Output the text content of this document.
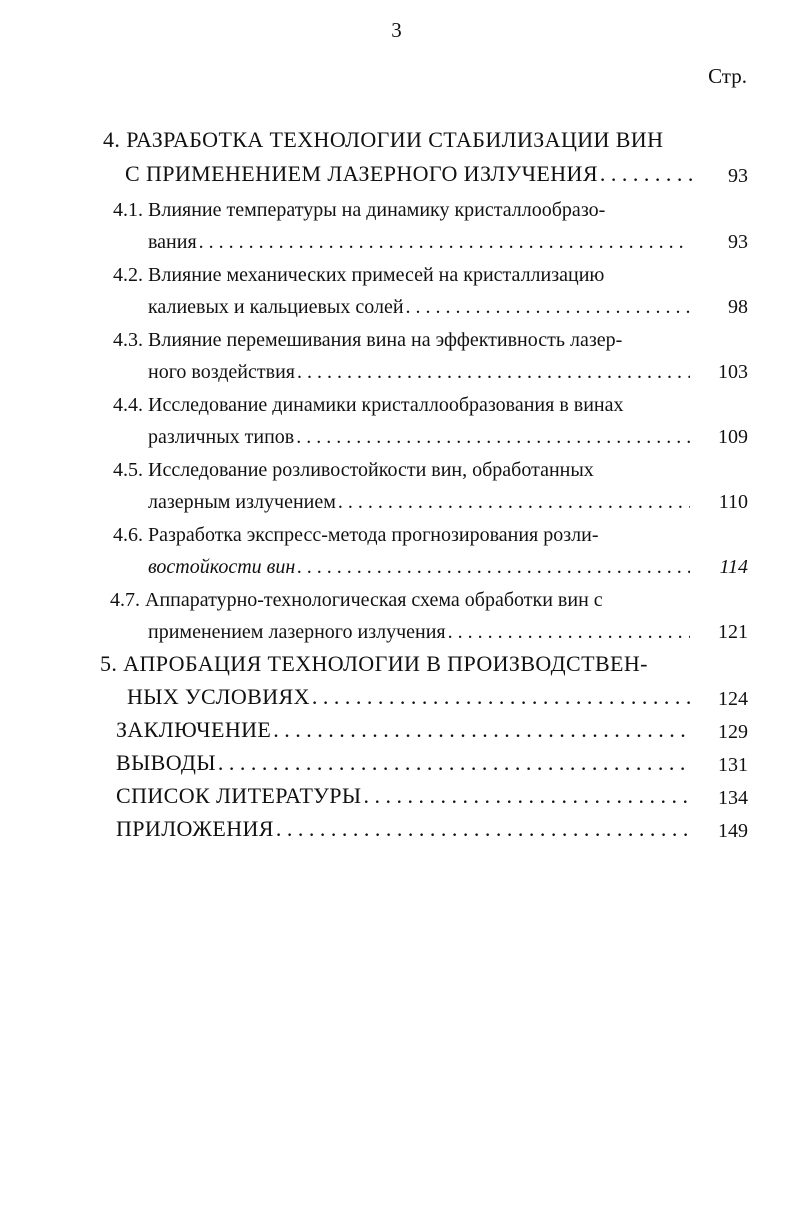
3
Стр.
4. РАЗРАБОТКА ТЕХНОЛОГИИ СТАБИЛИЗАЦИИ ВИН
С ПРИМЕНЕНИЕМ ЛАЗЕРНОГО ИЗЛУЧЕНИЯ . . .	93
4.1. Влияние температуры на динамику кристаллообразо-
вания . . .	93
4.2. Влияние механических примесей на кристаллизацию
калиевых и кальциевых солей . . .	98
4.3. Влияние перемешивания вина на эффективность лазер-
ного воздействия . . .	103
4.4. Исследование динамики кристаллообразования в винах
различных типов . . .	109
4.5. Исследование розливостойкости вин, обработанных
лазерным излучением . . .	110
4.6. Разработка экспресс-метода прогнозирования розли-
востойкости вин . . .	114
4.7. Аппаратурно-технологическая схема обработки вин с
применением лазерного излучения . . .	121
5. АПРОБАЦИЯ ТЕХНОЛОГИИ В ПРОИЗВОДСТВЕН-
НЫХ УСЛОВИЯХ . . .	124
ЗАКЛЮЧЕНИЕ . . .	129
ВЫВОДЫ . . .	131
СПИСОК ЛИТЕРАТУРЫ . . .	134
ПРИЛОЖЕНИЯ . . .	149
